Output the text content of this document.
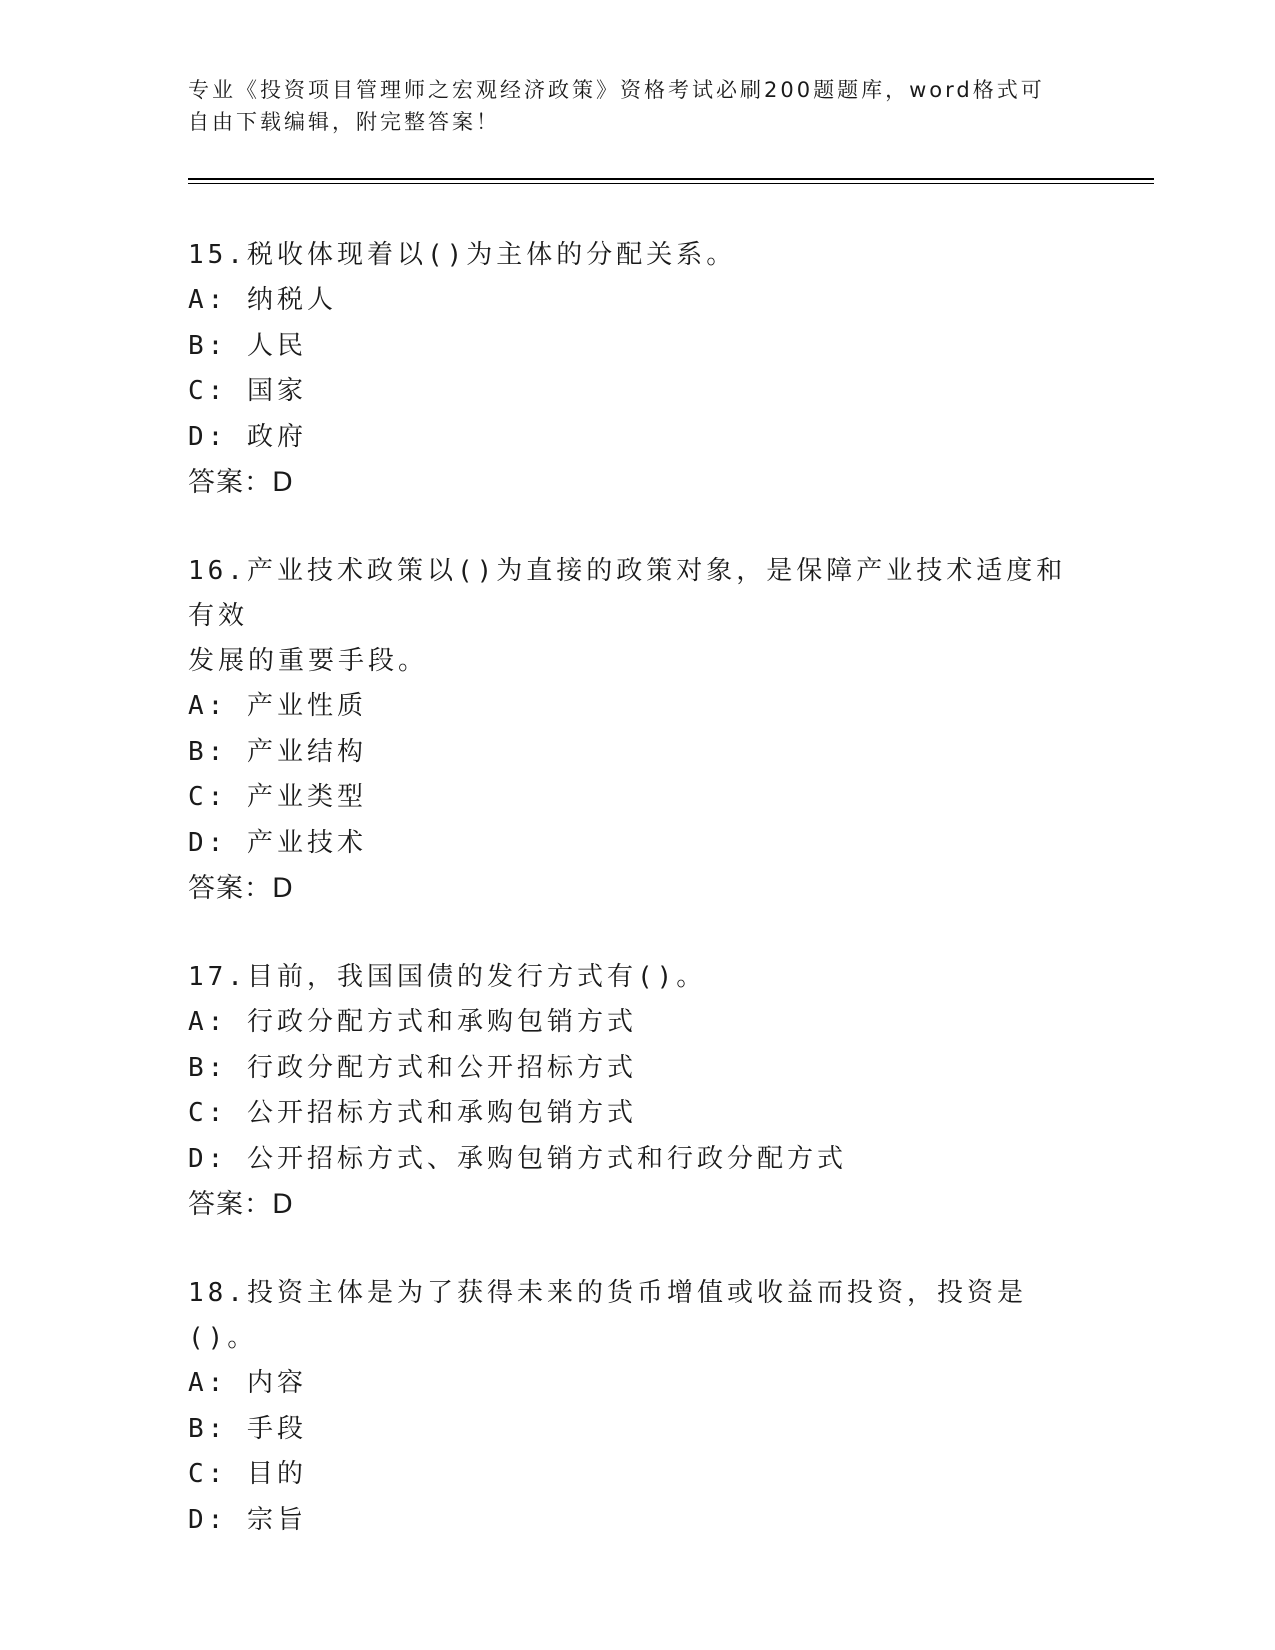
专业《投资项目管理师之宏观经济政策》资格考试必刷200题题库，word格式可
自由下载编辑，附完整答案！
15.税收体现着以()为主体的分配关系。
A: 纳税人
B: 人民
C: 国家
D: 政府
答案：D
16.产业技术政策以()为直接的政策对象，是保障产业技术适度和有效
发展的重要手段。
A: 产业性质
B: 产业结构
C: 产业类型
D: 产业技术
答案：D
17.目前，我国国债的发行方式有()。
A: 行政分配方式和承购包销方式
B: 行政分配方式和公开招标方式
C: 公开招标方式和承购包销方式
D: 公开招标方式、承购包销方式和行政分配方式
答案：D
18.投资主体是为了获得未来的货币增值或收益而投资，投资是()。
A: 内容
B: 手段
C: 目的
D: 宗旨
